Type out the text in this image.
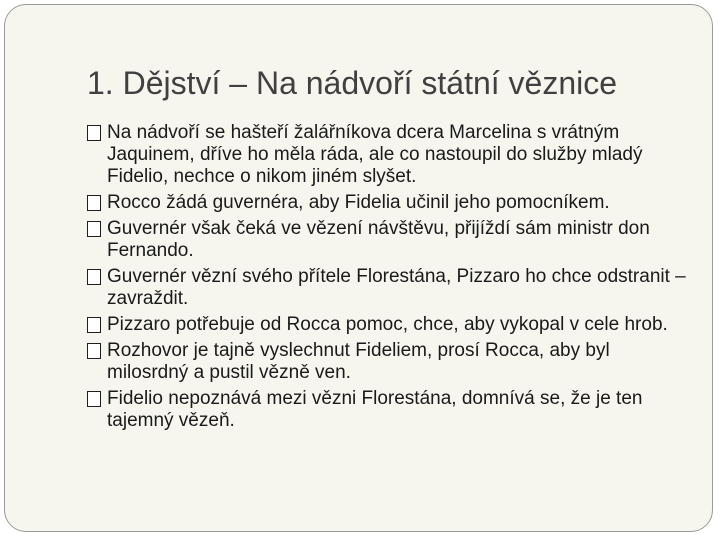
1. Dějství – Na nádvoří státní věznice
Na nádvoří se hašteří žalářníkova dcera Marcelina s vrátným Jaquinem, dříve ho měla ráda, ale co nastoupil do služby mladý Fidelio, nechce o nikom jiném slyšet.
Rocco žádá guvernéra, aby Fidelia učinil jeho pomocníkem.
Guvernér však čeká ve vězení návštěvu, přijíždí sám ministr don Fernando.
Guvernér vězní svého přítele Florestána, Pizzaro ho chce odstranit – zavraždit.
Pizzaro potřebuje od Rocca pomoc, chce, aby vykopal v cele hrob.
Rozhovor je tajně vyslechnut Fideliem, prosí Rocca, aby byl milosrdný a pustil vězně ven.
Fidelio nepoznává mezi vězni Florestána, domnívá se, že je ten tajemný vězeň.
